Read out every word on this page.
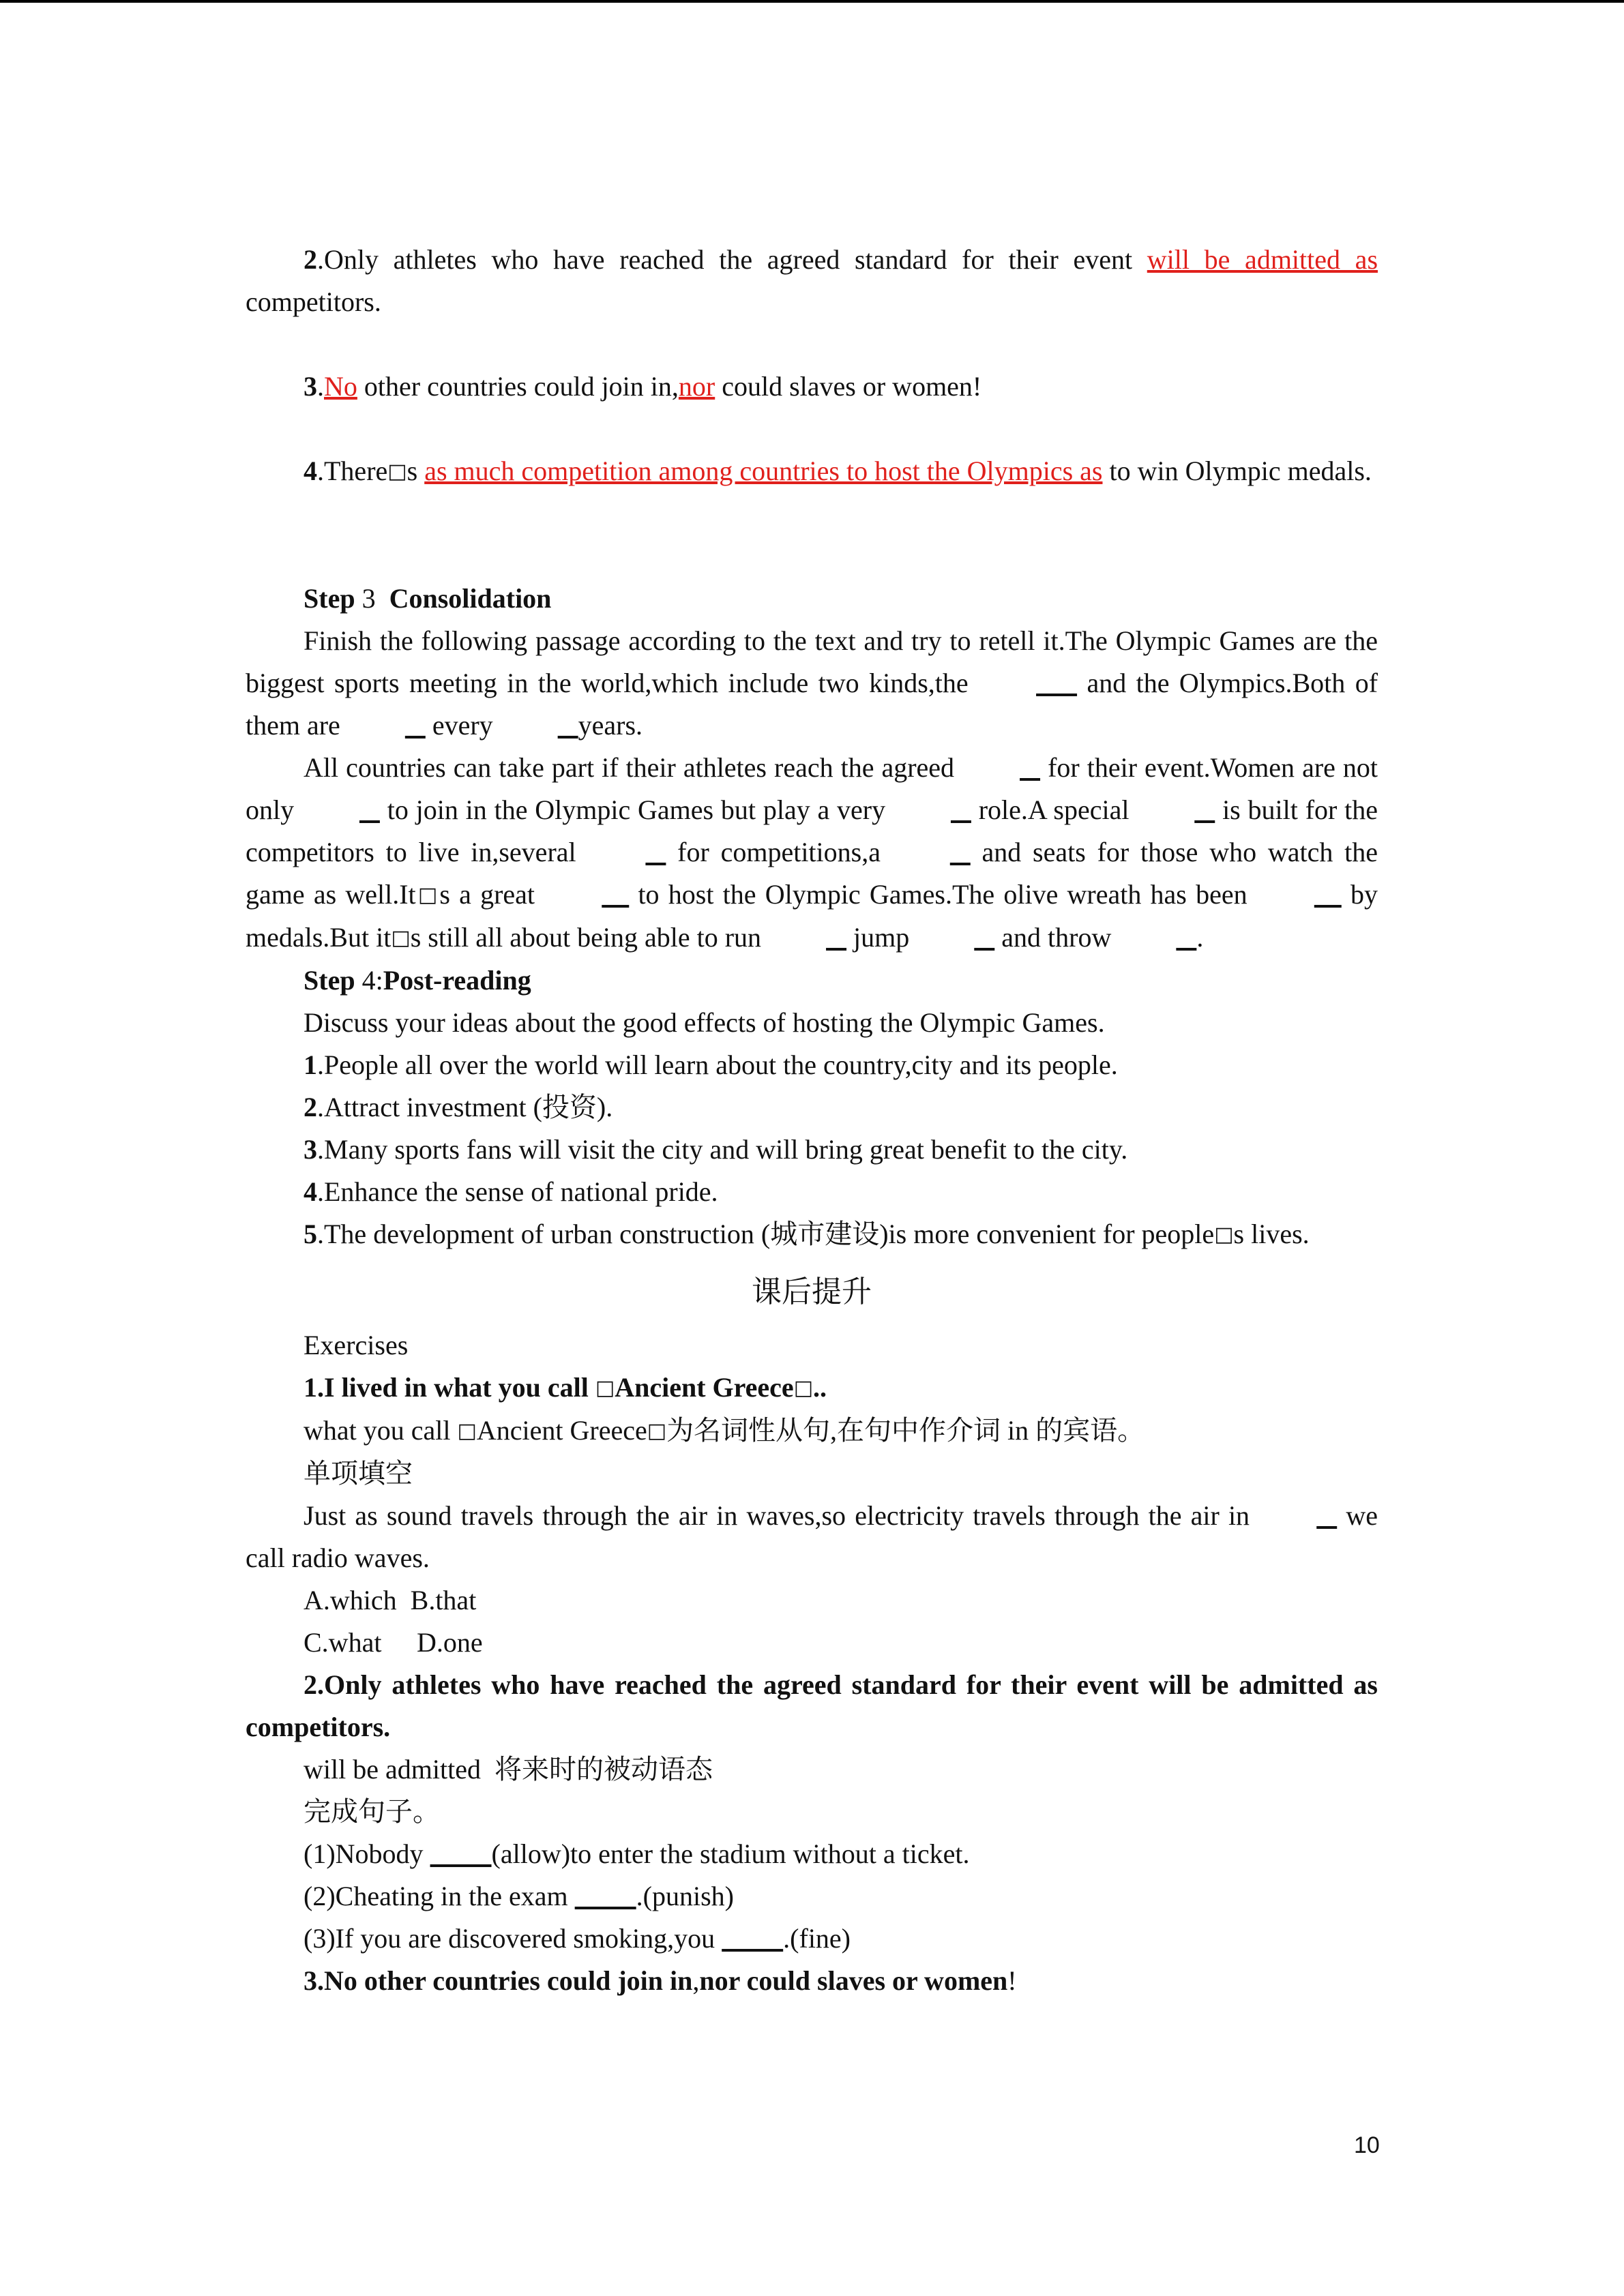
2.Only athletes who have reached the agreed standard for their event will be admitted as competitors.

3.No other countries could join in,nor could slaves or women!

4.There□s as much competition among countries to host the Olympics as to win Olympic medals.

Step 3  Consolidation

Finish the following passage according to the text and try to retell it.The Olympic Games are the biggest sports meeting in the world,which include two kinds,the	and the Olympics.Both of them are	every	years.

All countries can take part if their athletes reach the agreed	for their event.Women are not only	to join in the Olympic Games but play a very	role.A special	is built for the competitors to live in,several	for competitions,a	and seats for those who watch the game as well.It□s a great	to host the Olympic Games.The olive wreath has been	by medals.But it□s still all about being able to run	jump	and throw	.

Step 4:Post-reading

Discuss your ideas about the good effects of hosting the Olympic Games.

1.People all over the world will learn about the country,city and its people.

2.Attract investment (投资).

3.Many sports fans will visit the city and will bring great benefit to the city.

4.Enhance the sense of national pride.

5.The development of urban construction (城市建设)is more convenient for people□s lives.

课后提升

Exercises

1.I lived in what you call □Ancient Greece□..

what you call □Ancient Greece□为名词性从句,在句中作介词 in 的宾语。

单项填空

Just as sound travels through the air in waves,so electricity travels through the air in	we call radio waves.

A.which B.that

C.what D.one

2.Only athletes who have reached the agreed standard for their event will be admitted as competitors.

will be admitted  将来时的被动语态

完成句子。

(1)Nobody          (allow)to enter the stadium without a ticket.

(2)Cheating in the exam          .(punish)

(3)If you are discovered smoking,you          .(fine)

3.No other countries could join in,nor could slaves or women!

10
